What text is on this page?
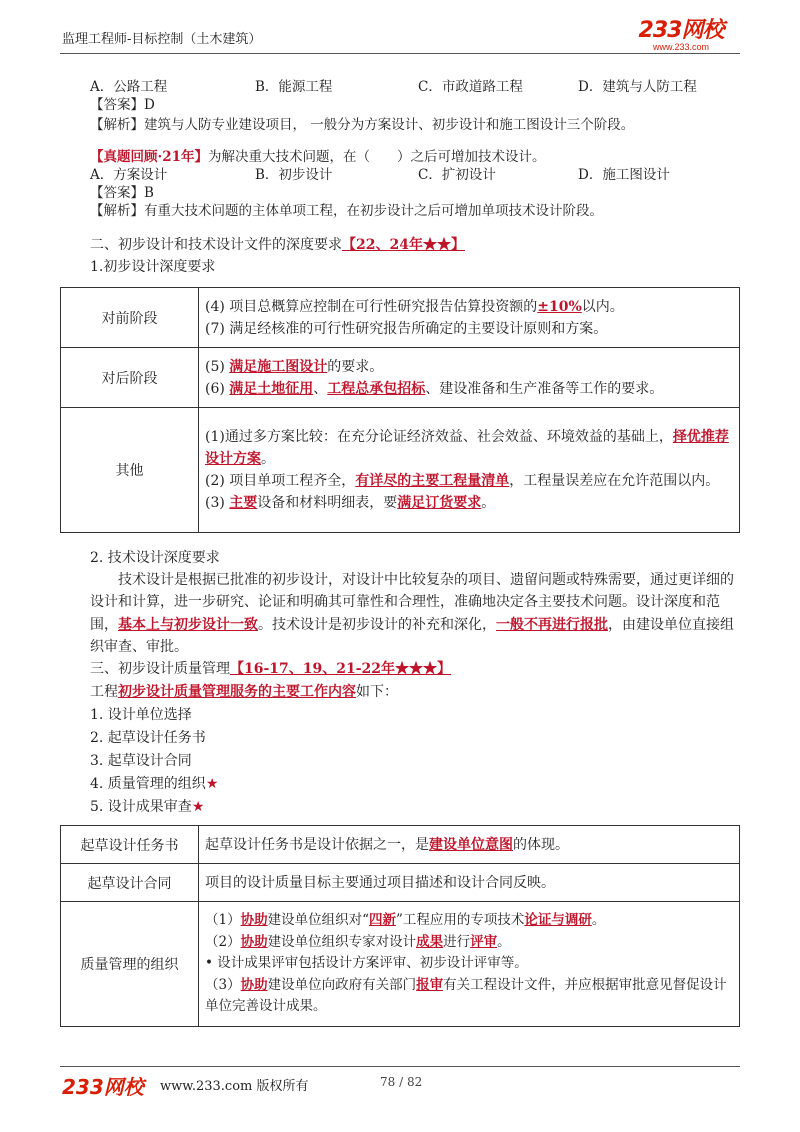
监理工程师-目标控制（土木建筑）	233网校
www.233.com
A．公路工程	B．能源工程	C．市政道路工程	D．建筑与人防工程
【答案】D
【解析】建筑与人防专业建设项目， 一般分为方案设计、初步设计和施工图设计三个阶段。
【真题回顾·21年】为解决重大技术问题，在（　　）之后可增加技术设计。
A．方案设计	B．初步设计	C．扩初设计	D．施工图设计
【答案】B
【解析】有重大技术问题的主体单项工程，在初步设计之后可增加单项技术设计阶段。
二、初步设计和技术设计文件的深度要求【22、24年★★】
1.初步设计深度要求
对前阶段	(4) 项目总概算应控制在可行性研究报告估算投资额的±10%以内。
(7) 满足经核准的可行性研究报告所确定的主要设计原则和方案。

对后阶段	(5) 满足施工图设计的要求。
(6) 满足土地征用、工程总承包招标、建设准备和生产准备等工作的要求。

其他	(1)通过多方案比较：在充分论证经济效益、社会效益、环境效益的基础上，择优推荐设计方案。
(2) 项目单项工程齐全，有详尽的主要工程量清单，工程量误差应在允许范围以内。
(3) 主要设备和材料明细表，要满足订货要求。
2. 技术设计深度要求

技术设计是根据已批准的初步设计，对设计中比较复杂的项目、遗留问题或特殊需要，通过更详细的设计和计算，进一步研究、论证和明确其可靠性和合理性，准确地决定各主要技术问题。设计深度和范围，基本上与初步设计一致。技术设计是初步设计的补充和深化，一般不再进行报批，由建设单位直接组织审查、审批。

三、初步设计质量管理【16-17、19、21-22年★★★】
工程初步设计质量管理服务的主要工作内容如下：
1. 设计单位选择
2. 起草设计任务书
3. 起草设计合同
4. 质量管理的组织★
5. 设计成果审查★
起草设计任务书	起草设计任务书是设计依据之一，是建设单位意图的体现。
起草设计合同	项目的设计质量目标主要通过项目描述和设计合同反映。
质量管理的组织	（1）协助建设单位组织对“四新”工程应用的专项技术论证与调研。
（2）协助建设单位组织专家对设计成果进行评审。
• 设计成果评审包括设计方案评审、初步设计评审等。
（3）协助建设单位向政府有关部门报审有关工程设计文件，并应根据审批意见督促设计单位完善设计成果。
233网校 www.233.com 版权所有	78 / 82
